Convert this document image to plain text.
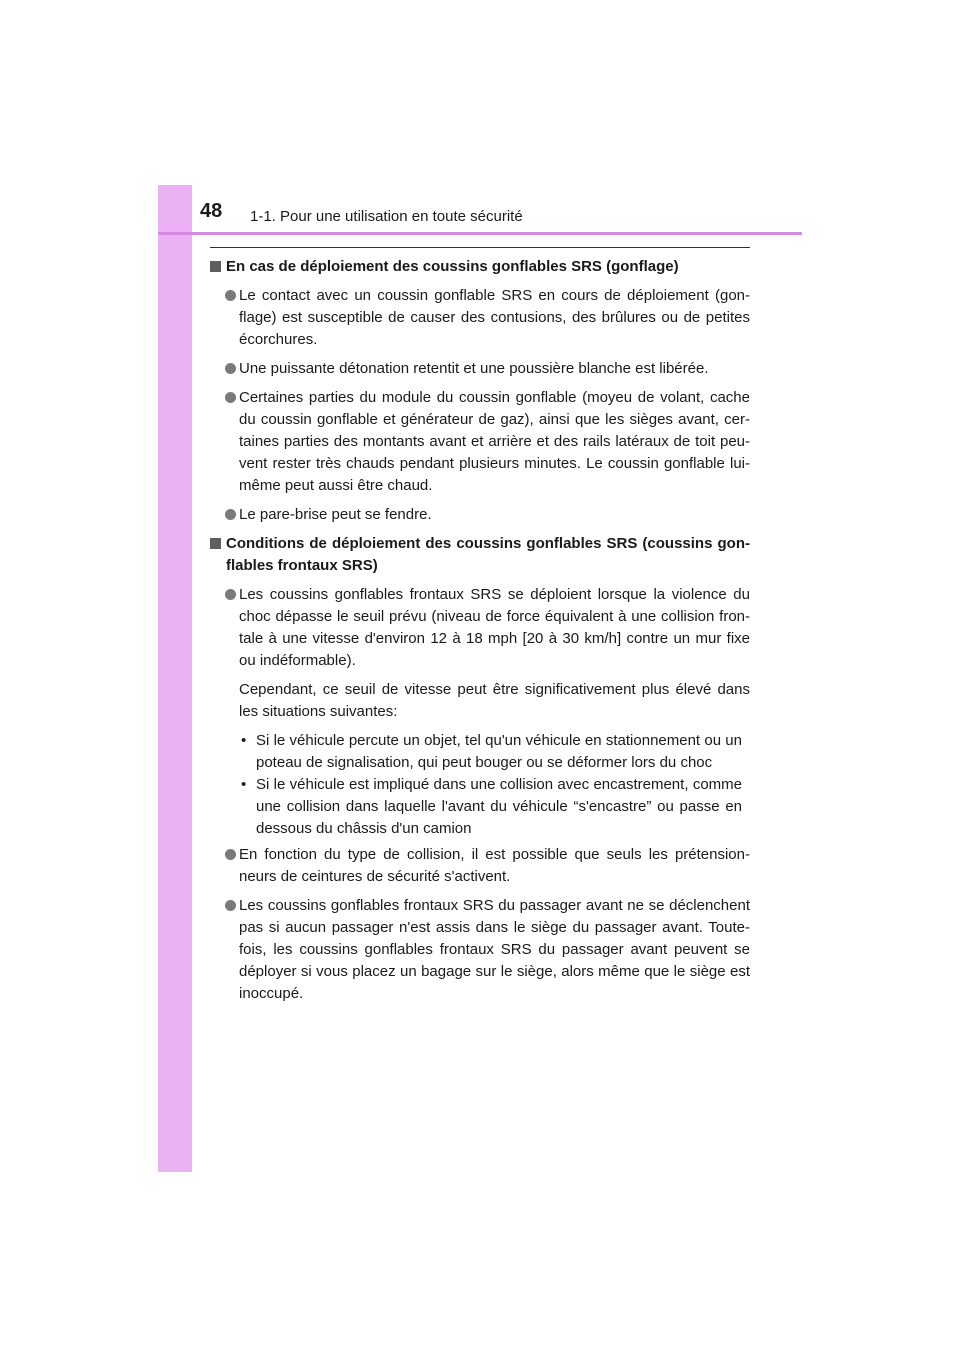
48 1-1. Pour une utilisation en toute sécurité
En cas de déploiement des coussins gonflables SRS (gonflage)
Le contact avec un coussin gonflable SRS en cours de déploiement (gon-flage) est susceptible de causer des contusions, des brûlures ou de petites écorchures.
Une puissante détonation retentit et une poussière blanche est libérée.
Certaines parties du module du coussin gonflable (moyeu de volant, cache du coussin gonflable et générateur de gaz), ainsi que les sièges avant, cer-taines parties des montants avant et arrière et des rails latéraux de toit peu-vent rester très chauds pendant plusieurs minutes. Le coussin gonflable lui-même peut aussi être chaud.
Le pare-brise peut se fendre.
Conditions de déploiement des coussins gonflables SRS (coussins gon-flables frontaux SRS)
Les coussins gonflables frontaux SRS se déploient lorsque la violence du choc dépasse le seuil prévu (niveau de force équivalent à une collision fron-tale à une vitesse d'environ 12 à 18 mph [20 à 30 km/h] contre un mur fixe ou indéformable).
Cependant, ce seuil de vitesse peut être significativement plus élevé dans les situations suivantes:
• Si le véhicule percute un objet, tel qu'un véhicule en stationnement ou un poteau de signalisation, qui peut bouger ou se déformer lors du choc
• Si le véhicule est impliqué dans une collision avec encastrement, comme une collision dans laquelle l'avant du véhicule “s'encastre” ou passe en dessous du châssis d'un camion
En fonction du type de collision, il est possible que seuls les prétension-neurs de ceintures de sécurité s'activent.
Les coussins gonflables frontaux SRS du passager avant ne se déclenchent pas si aucun passager n'est assis dans le siège du passager avant. Toute-fois, les coussins gonflables frontaux SRS du passager avant peuvent se déployer si vous placez un bagage sur le siège, alors même que le siège est inoccupé.
